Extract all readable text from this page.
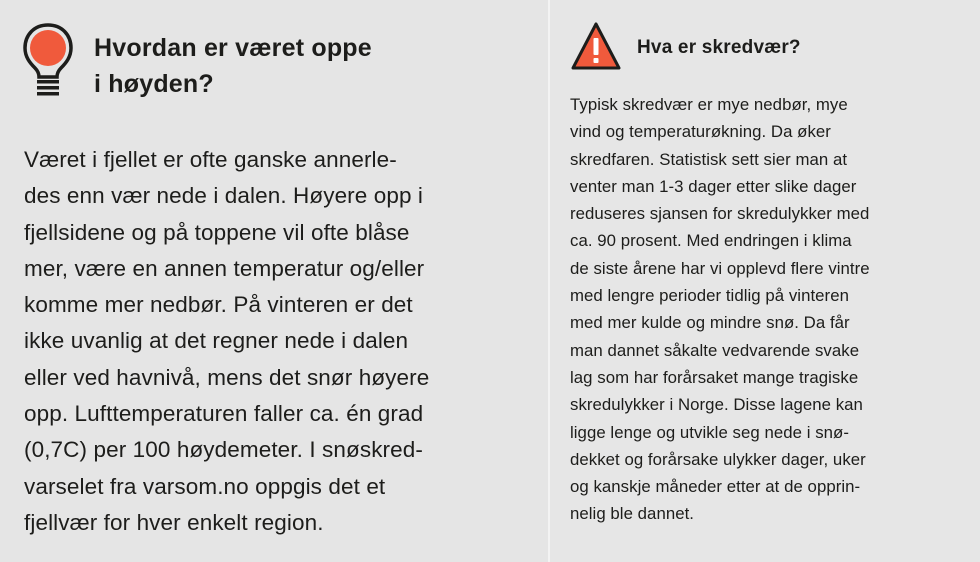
Hvordan er været oppe
i høyden?
Været i fjellet er ofte ganske annerle-
des enn vær nede i dalen. Høyere opp i
fjellsidene og på toppene vil ofte blåse
mer, være en annen temperatur og/eller
komme mer nedbør. På vinteren er det
ikke uvanlig at det regner nede i dalen
eller ved havnivå, mens det snør høyere
opp. Lufttemperaturen faller ca. én grad
(0,7C) per 100 høydemeter. I snøskred-
varselet fra varsom.no oppgis det et
fjellvær for hver enkelt region.
Hva er skredvær?
Typisk skredvær er mye nedbør, mye
vind og temperaturøkning. Da øker
skredfaren. Statistisk sett sier man at
venter man 1-3 dager etter slike dager
reduseres sjansen for skredulykker med
ca. 90 prosent. Med endringen i klima
de siste årene har vi opplevd flere vintre
med lengre perioder tidlig på vinteren
med mer kulde og mindre snø. Da får
man dannet såkalte vedvarende svake
lag som har forårsaket mange tragiske
skredulykker i Norge. Disse lagene kan
ligge lenge og utvikle seg nede i snø-
dekket og forårsake ulykker dager, uker
og kanskje måneder etter at de opprin-
nelig ble dannet.
